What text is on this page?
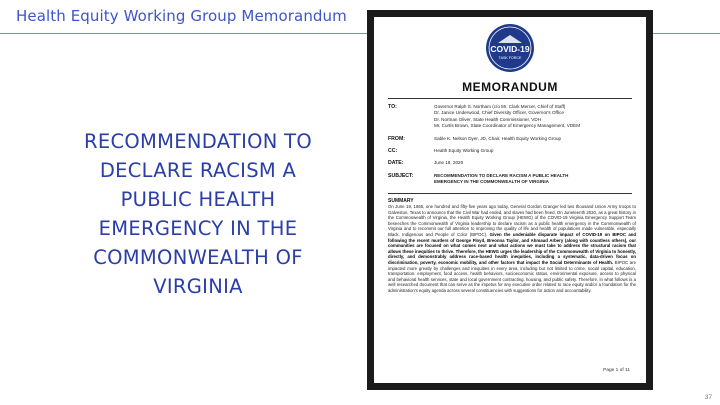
Health Equity Working Group Memorandum
RECOMMENDATION TO
DECLARE RACISM A
PUBLIC HEALTH
EMERGENCY IN THE
COMMONWEALTH OF
VIRGINIA
COVID-19
TASK FORCE
MEMORANDUM
TO:	Governor Ralph S. Northam (c/o Mr. Clark Mercer, Chief of Staff)
Dr. Janice Underwood, Chief Diversity Officer, Governor's Office
Dr. Norman Oliver, State Health Commissioner, VDH
Mr. Curtis Brown, State Coordinator of Emergency Management, VDEM
FROM:	Sable K. Nelson Dyer, JD, Chair, Health Equity Working Group
CC:	Health Equity Working Group
DATE:	June 19, 2020
SUBJECT:	RECOMMENDATION TO DECLARE RACISM A PUBLIC HEALTH
EMERGENCY IN THE COMMONWEALTH OF VIRGINIA
SUMMARY
On June 19, 1865, one hundred and fifty-five years ago today, General Gordon Granger led two thousand Union Army troops to Galveston, Texas to announce that the Civil War had ended, and slaves had been freed. On Juneteenth 2020, as a great history in the Commonwealth of Virginia, the Health Equity Working Group (HEWG) of the COVID-19 Virginia Emergency Support Team beseeches the Commonwealth of Virginia leadership to declare racism as a public health emergency in the Commonwealth of Virginia and to recommit our full attention to improving the quality of life and health of populations made vulnerable, especially Black, Indigenous and People of Color (BIPOC). Given the undeniable disparate impact of COVID-19 on BIPOC and following the recent murders of George Floyd, Breonna Taylor, and Ahmaud Arbery (along with countless others), our communities are focused on what comes next and what actions we must take to address the structural racism that allows these inequities to thrive. Therefore, the HEWG urges the leadership of the Commonwealth of Virginia to honestly, directly, and demonstrably address race-based health inequities, including a systematic, data-driven focus on discrimination, poverty, economic mobility, and other factors that impact the Social Determinants of Health. BIPOC are impacted more greatly by challenges and inequities in every area, including but not limited to crime, social capital, education, transportation, employment, food access, health behaviors, socioeconomic status, environmental exposure, access to physical and behavioral health services, state and local government contracting, housing, and public safety. Therefore, in what follows is a well researched document that can serve as the impetus for any executive order related to race equity and/or a foundation for the administration's equity agenda across several constituencies with suggestions for action and accountability.
Page 1 of 11
37
